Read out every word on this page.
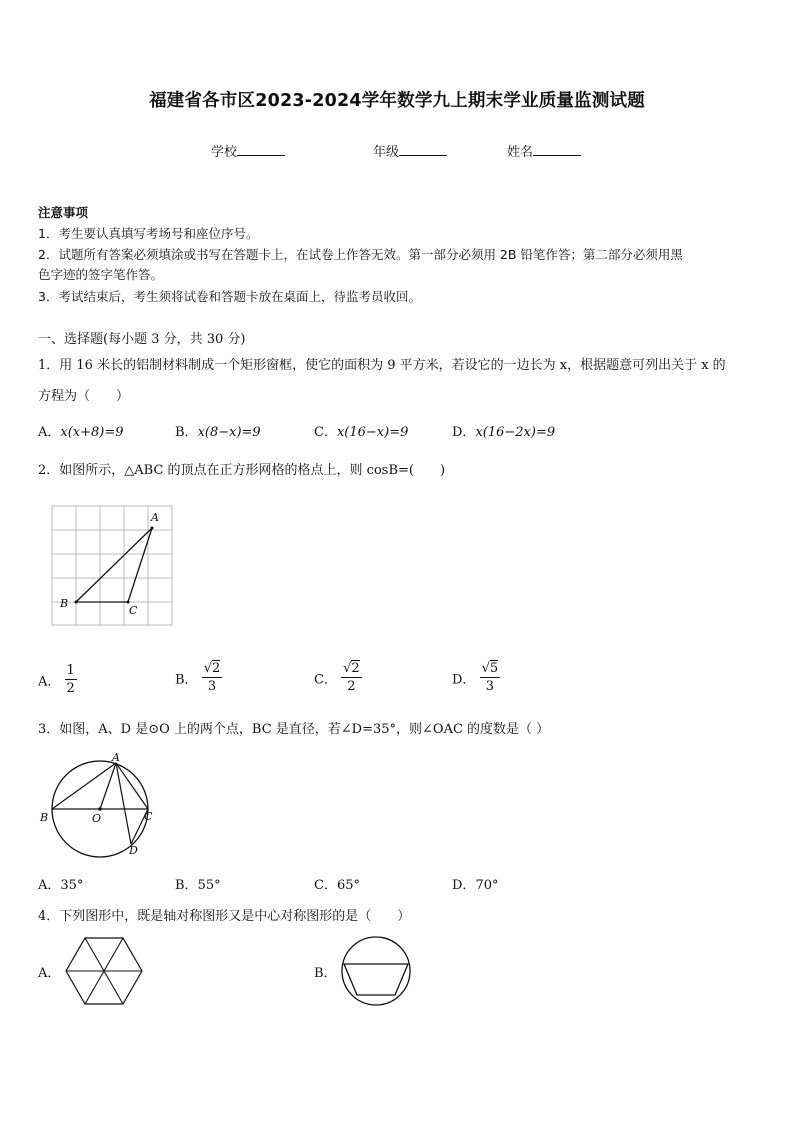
福建省各市区2023-2024学年数学九上期末学业质量监测试题
学校	年级	姓名
注意事项
1．考生要认真填写考场号和座位序号。
2．试题所有答案必须填涂或书写在答题卡上，在试卷上作答无效。第一部分必须用 2B 铅笔作答；第二部分必须用黑
色字迹的签字笔作答。
3．考试结束后，考生须将试卷和答题卡放在桌面上，待监考员收回。
一、选择题(每小题 3 分，共 30 分)
1．用 16 米长的铝制材料制成一个矩形窗框，使它的面积为 9 平方米，若设它的一边长为 x，根据题意可列出关于 x 的
方程为（　　）
A．x(x+8)=9	B．x(8−x)=9	C．x(16−x)=9	D．x(16−2x)=9
2．如图所示，△ABC 的顶点在正方形网格的格点上，则 cosB=(　　)
A
B
C
A． $\frac{1}{2}$	B． $\frac{√2}{3}$	C． $\frac{√2}{2}$	D． $\frac{√5}{3}$
3．如图，A、D 是⊙O 上的两个点，BC 是直径，若∠D=35°，则∠OAC 的度数是（ ）
A
B	C
D
O
A．35°	B．55°	C．65°	D．70°
4．下列图形中，既是轴对称图形又是中心对称图形的是（　　）
A．	B．
